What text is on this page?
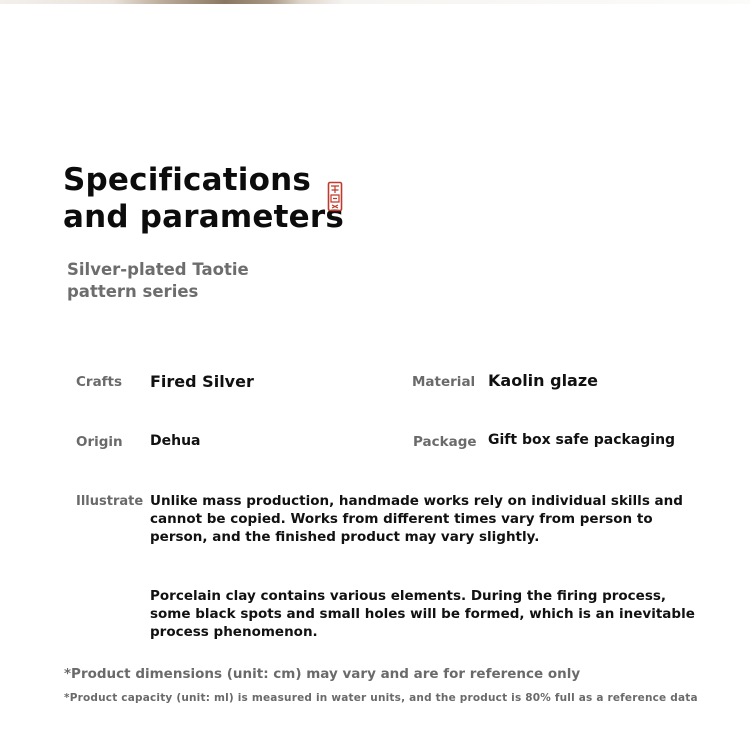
Specifications
and parameters
Silver-plated Taotie
pattern series
Crafts Fired Silver	Material Kaolin glaze
Origin Dehua	Package Gift box safe packaging
Illustrate Unlike mass production, handmade works rely on individual skills and
cannot be copied. Works from different times vary from person to
person, and the finished product may vary slightly.

Porcelain clay contains various elements. During the firing process,
some black spots and small holes will be formed, which is an inevitable
process phenomenon.

*Product dimensions (unit: cm) may vary and are for reference only

*Product capacity (unit: ml) is measured in water units, and the product is 80% full as a reference data
